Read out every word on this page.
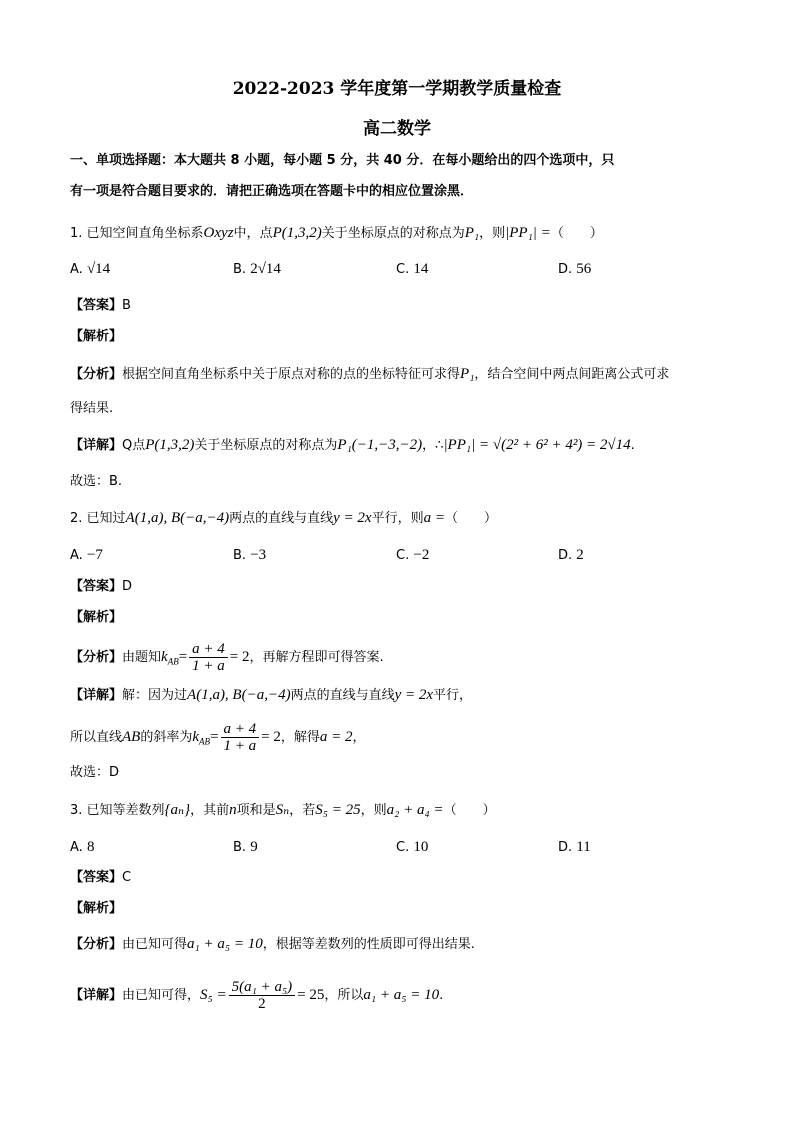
2022-2023 学年度第一学期教学质量检查
高二数学
一、单项选择题：本大题共 8 小题，每小题 5 分，共 40 分．在每小题给出的四个选项中，只
有一项是符合题目要求的．请把正确选项在答题卡中的相应位置涂黑．
1. 已知空间直角坐标系Oxyz中，点P(1,3,2)关于坐标原点的对称点为P₁，则|PP₁| =（　　）
A. √14	B. 2√14	C. 14	D. 56
【答案】B
【解析】
【分析】根据空间直角坐标系中关于原点对称的点的坐标特征可求得P₁，结合空间中两点间距离公式可求
得结果.
【详解】Q点P(1,3,2)关于坐标原点的对称点为P₁(−1,−3,−2)，∴|PP₁| = √(2² + 6² + 4²) = 2√14.
故选：B.
2. 已知过A(1,a), B(−a,−4)两点的直线与直线y = 2x平行，则a =（　　）
A. −7	B. −3	C. −2	D. 2
【答案】D
【解析】
【分析】由题知$k_{AB}= \frac{a + 4}{1 + a} = 2$，再解方程即可得答案.
【详解】解：因为过A(1,a), B(−a,−4)两点的直线与直线y = 2x平行，
所以直线AB的斜率为$k_{AB}= \frac{a + 4}{1 + a} = 2$，解得a = 2，
故选：D
3. 已知等差数列{aₙ}，其前n项和是Sₙ，若S₅ = 25，则a₂ + a₄ =（　　）
A. 8	B. 9	C. 10	D. 11
【答案】C
【解析】
【分析】由已知可得a₁ + a₅ = 10，根据等差数列的性质即可得出结果.
【详解】由已知可得，$S_5 = \frac{\text{5(a₁ + a₅)}}{2} = 25$，所以a₁ + a₅ = 10.
